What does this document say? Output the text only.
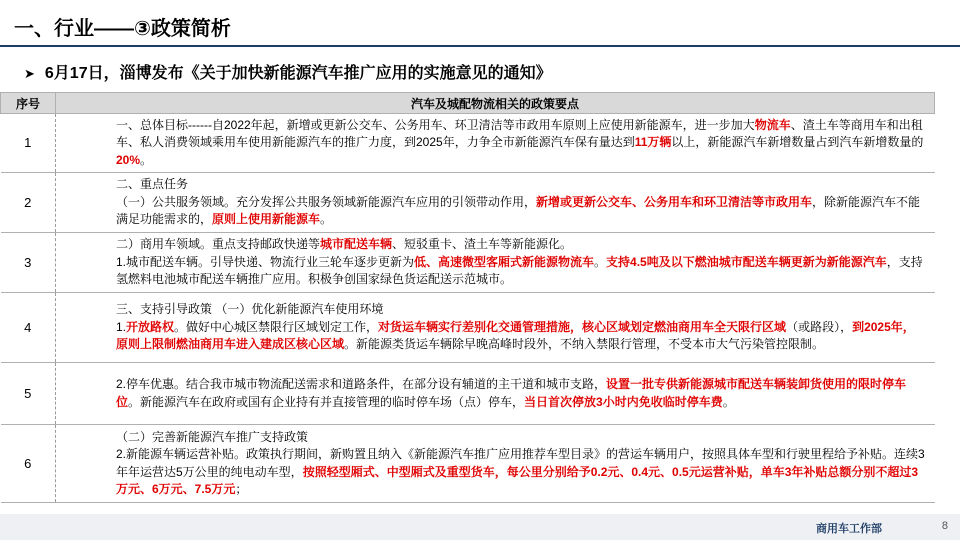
一、行业——③政策简析
➤ 6月17日，淄博发布《关于加快新能源汽车推广应用的实施意见的通知》
序号	汽车及城配物流相关的政策要点
1	一、总体目标------自2022年起，新增或更新公交车、公务用车、环卫清洁等市政用车原则上应使用新能源车，进一步加大物流车、渣土车等商用车和出租车、私人消费领域乘用车使用新能源汽车的推广力度，到2025年，力争全市新能源汽车保有量达到11万辆以上，新能源汽车新增数量占到汽车新增数量的20%。
2	二、重点任务
（一）公共服务领域。充分发挥公共服务领域新能源汽车应用的引领带动作用，新增或更新公交车、公务用车和环卫清洁等市政用车，除新能源汽车不能满足功能需求的，原则上使用新能源车。
3	二）商用车领域。重点支持邮政快递等城市配送车辆、短驳重卡、渣土车等新能源化。
1.城市配送车辆。引导快递、物流行业三轮车逐步更新为低、高速微型客厢式新能源物流车。支持4.5吨及以下燃油城市配送车辆更新为新能源汽车，支持氢燃料电池城市配送车辆推广应用。积极争创国家绿色货运配送示范城市。
4	三、支持引导政策 （一）优化新能源汽车使用环境
1.开放路权。做好中心城区禁限行区域划定工作，对货运车辆实行差别化交通管理措施，核心区域划定燃油商用车全天限行区域（或路段），到2025年，原则上限制燃油商用车进入建成区核心区域。新能源类货运车辆除早晚高峰时段外，不纳入禁限行管理，不受本市大气污染管控限制。
5	2.停车优惠。结合我市城市物流配送需求和道路条件，在部分设有辅道的主干道和城市支路，设置一批专供新能源城市配送车辆装卸货使用的限时停车位。新能源汽车在政府或国有企业持有并直接管理的临时停车场（点）停车，当日首次停放3小时内免收临时停车费。
6	（二）完善新能源汽车推广支持政策
2.新能源车辆运营补贴。政策执行期间，新购置且纳入《新能源汽车推广应用推荐车型目录》的营运车辆用户，按照具体车型和行驶里程给予补贴。连续3年年运营达5万公里的纯电动车型，按照轻型厢式、中型厢式及重型货车，每公里分别给予0.2元、0.4元、0.5元运营补贴，单车3年补贴总额分别不超过3万元、6万元、7.5万元；
商用车工作部	8
